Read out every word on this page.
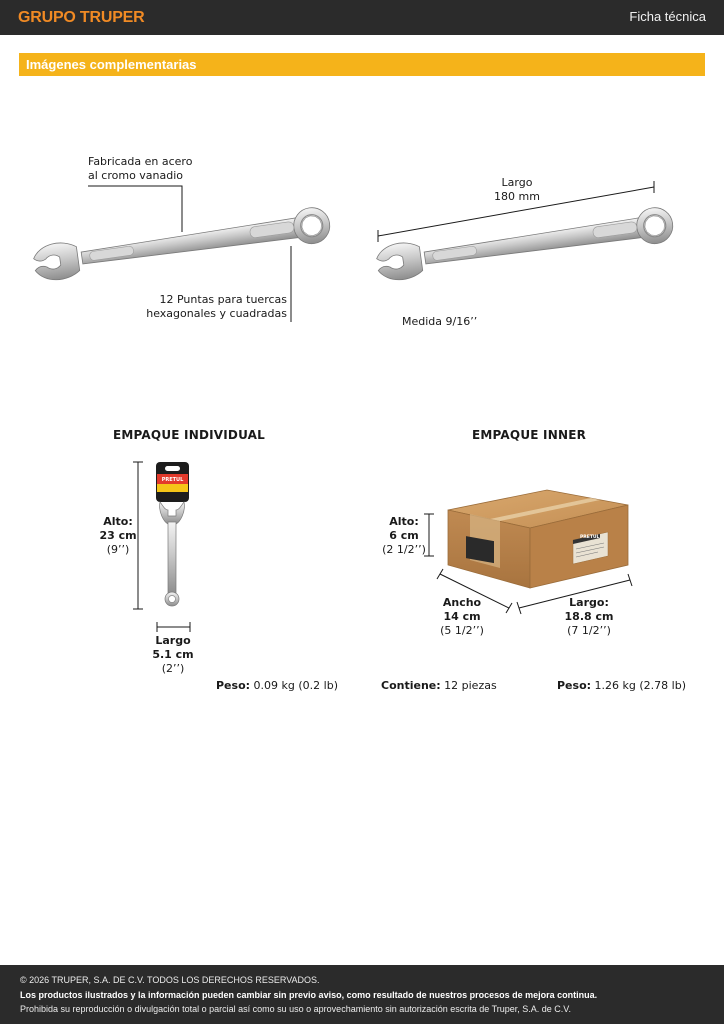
GRUPO TRUPER	Ficha técnica
Imágenes complementarias
PRETUL
PRETUL
Fabricada en acero
al cromo vanadio
12 Puntas para tuercas
hexagonales y cuadradas
Largo
180 mm
Medida 9/16’’
EMPAQUE INDIVIDUAL
Alto:
23 cm
(9’’)
Largo
5.1 cm
(2’’)
Peso: 0.09 kg (0.2 lb)
EMPAQUE INNER
Alto:
6 cm
(2 1/2’’)
Ancho
14 cm
(5 1/2’’)
Largo:
18.8 cm
(7 1/2’’)
Contiene: 12 piezas	Peso: 1.26 kg (2.78 lb)
© 2026 TRUPER, S.A. DE C.V. TODOS LOS DERECHOS RESERVADOS.
Los productos ilustrados y la información pueden cambiar sin previo aviso, como resultado de nuestros procesos de mejora continua.
Prohibida su reproducción o divulgación total o parcial así como su uso o aprovechamiento sin autorización escrita de Truper, S.A. de C.V.
